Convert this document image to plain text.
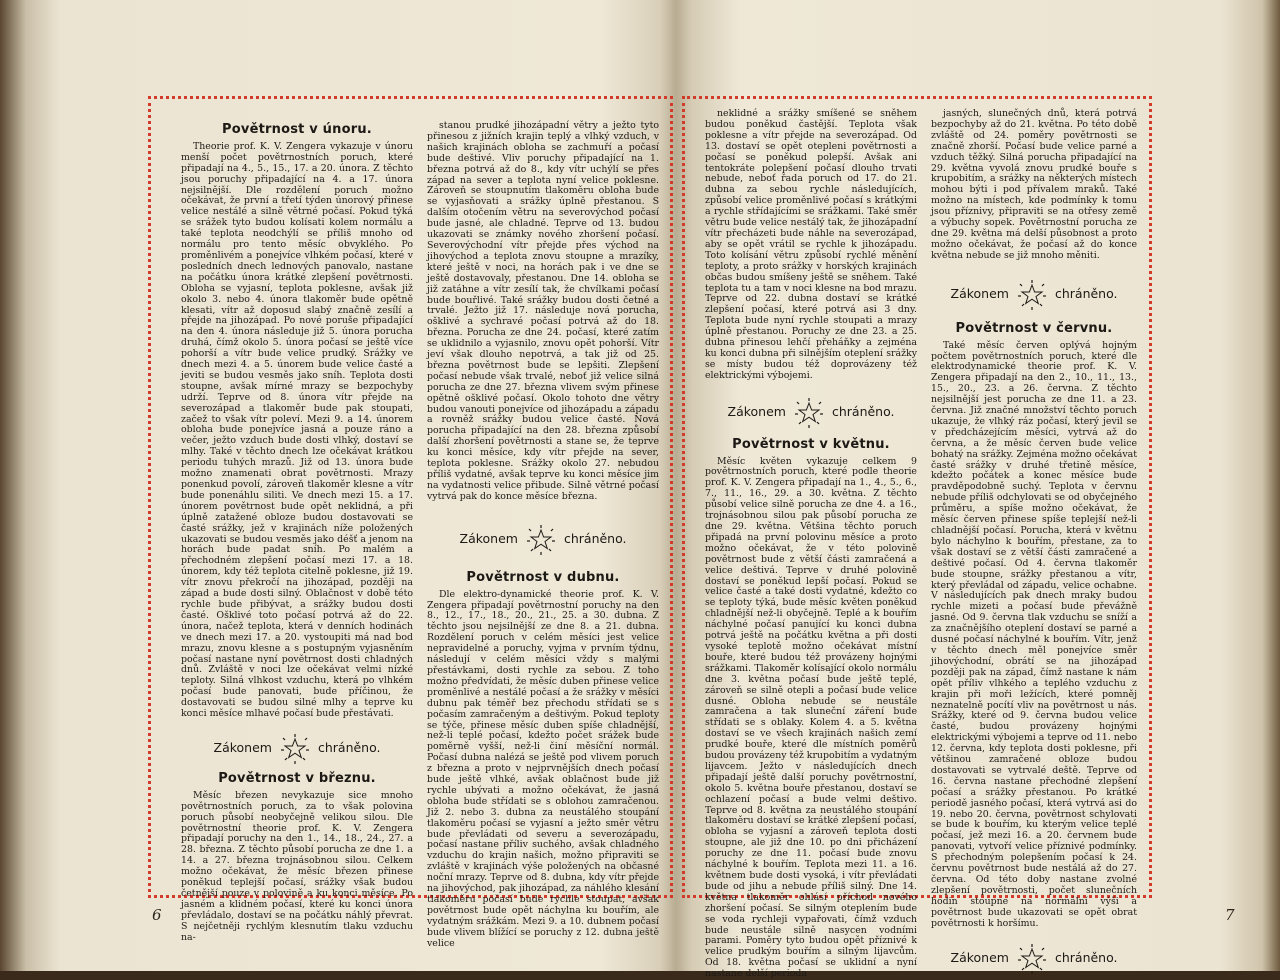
Povětrnost v únoru.

Theorie prof. K. V. Zengera vykazuje v únoru menší počet povětrnostních poruch, které připadají na 4., 5., 15., 17. a 20. února. Z těchto jsou poruchy připadající na 4. a 17. února nejsilnější. Dle rozdělení poruch možno očekávat, že první a třetí týden únorový přinese velice nestálé a silně větrné počasí. Pokud týká se srážek tyto budou kolísati kolem normálu a také teplota neodchýlí se příliš mnoho od normálu pro tento měsíc obvyklého. Po proměnlivém a ponejvíce vlhkém počasí, které v posledních dnech lednových panovalo, nastane na počátku února krátké zlepšení povětrnosti. Obloha se vyjasní, teplota poklesne, avšak již okolo 3. nebo 4. února tlakoměr bude opětně klesati, vítr až doposud slabý značně zesílí a přejde na jihozápad. Po nové poruše připadající na den 4. února následuje již 5. února porucha druhá, čímž okolo 5. února počasí se ještě více pohorší a vítr bude velice prudký. Srážky ve dnech mezi 4. a 5. únorem bude velice časté a jeviti se budou vesměs jako sníh. Teplota dosti stoupne, avšak mírné mrazy se bezpochyby udrží. Teprve od 8. února vítr přejde na severozápad a tlakoměr bude pak stoupati, začež to však vítr poleví. Mezi 9. a 14. únorem obloha bude ponejvíce jasná a pouze ráno a večer, ježto vzduch bude dosti vlhký, dostaví se mlhy. Také v těchto dnech lze očekávat krátkou periodu tuhých mrazů. Již od 13. února bude možno znamenati obrat povětrnosti. Mrazy ponenkud povolí, zároveň tlakoměr klesne a vítr bude ponenáhlu siliti. Ve dnech mezi 15. a 17. únorem povětrnost bude opět neklidná, a při úplně zatažené obloze budou dostavovati se časté srážky, jež v krajinách níže položených ukazovati se budou vesměs jako déšť a jenom na horách bude padat sníh. Po malém a přechodném zlepšení počasí mezi 17. a 18. únorem, kdy též teplota citelně poklesne, již 19. vítr znovu překročí na jihozápad, později na západ a bude dosti silný. Oblačnost v době této rychle bude přibývat, a srážky budou dosti časté. Ošklivé toto počasí potrvá až do 22. února, načež teplota, která v denních hodinách ve dnech mezi 17. a 20. vystoupiti má nad bod mrazu, znovu klesne a s postupným vyjasněním počasí nastane nyní povětrnost dosti chladných dnů. Zvláště v noci lze očekávat velmi nízké teploty. Silná vlhkost vzduchu, která po vlhkém počasí bude panovati, bude příčinou, že dostavovati se budou silné mlhy a teprve ku konci měsíce mlhavé počasí bude přestávati.

Zákonem	chráněno.
Povětrnost v březnu.

Měsíc březen nevykazuje sice mnoho povětrnostních poruch, za to však polovina poruch působí neobyčejně velikou silou. Dle povětrnostní theorie prof. K. V. Zengera připadají poruchy na den 1., 14., 18., 24., 27. a 28. března. Z těchto působí porucha ze dne 1. a 14. a 27. března trojnásobnou silou. Celkem možno očekávat, že měsíc březen přinese poněkud teplejší počasí, srážky však budou četnější pouze v polovině a ku konci měsíce. Po jasném a klidném počasí, které ku konci února převládalo, dostaví se na počátku náhlý převrat. S nejčetněji rychlým klesnutím tlaku vzduchu na-

stanou prudké jihozápadní větry a ježto tyto přinesou z jižních krajin teplý a vlhký vzduch, v našich krajinách obloha se zachmuří a počasí bude deštivé. Vliv poruchy připadající na 1. března potrvá až do 8., kdy vítr uchýlí se přes západ na sever a teplota nyní velice poklesne. Zároveň se stoupnutím tlakoměru obloha bude se vyjasňovati a srážky úplně přestanou. S dalším otočením větru na severovýchod počasí bude jasné, ale chladné. Teprve od 13. budou ukazovati se známky nového zhoršení počasí. Severovýchodní vítr přejde přes východ na jihovýchod a teplota znovu stoupne a mrazíky, které ještě v noci, na horách pak i ve dne se ještě dostavovaly, přestanou. Dne 14. obloha se již zatáhne a vítr zesílí tak, že chvílkami počasí bude bouřlivé. Také srážky budou dosti četné a trvalé. Ježto již 17. následuje nová porucha, ošklivé a sychravé počasí potrvá až do 18. března. Porucha ze dne 24. počasí, které zatím se uklidnilo a vyjasnilo, znovu opět pohorší. Vítr jeví však dlouho nepotrvá, a tak již od 25. března povětrnost bude se lepšiti. Zlepšení počasí nebude však trvalé, neboť již velice silná porucha ze dne 27. března vlivem svým přinese opětně ošklivé počasí. Okolo tohoto dne větry budou vanouti ponejvíce od jihozápadu a západu a rovněž srážky budou velice časté. Nová porucha připadající na den 28. března způsobí další zhoršení povětrnosti a stane se, že teprve ku konci měsíce, kdy vítr přejde na sever, teplota poklesne. Srážky okolo 27. nebudou příliš vydatné, avšak teprve ku konci měsíce jim na vydatnosti velice přibude. Silně větrné počasí vytrvá pak do konce měsíce března.

Zákonem	chráněno.
Povětrnost v dubnu.

Dle elektro-dynamické theorie prof. K. V. Zengera připadají povětrnostní poruchy na den 8., 12., 17., 18., 20., 21., 25. a 30. dubna. Z těchto jsou nejsilnější ze dne 8. a 21. dubna. Rozdělení poruch v celém měsíci jest velice nepravidelné a poruchy, vyjma v prvním týdnu, následují v celém měsíci vždy s malými přestávkami, dosti rychle za sebou. Z toho možno předvídati, že měsíc duben přinese velice proměnlivé a nestálé počasí a že srážky v měsíci dubnu pak téměř bez přechodu střídati se s počasím zamračeným a deštivým. Pokud teploty se týče, přinese měsíc duben spíše chladnější, než-li teplé počasí, kdežto počet srážek bude poměrně vyšší, než-li činí měsíční normál. Počasí dubna nalézá se ještě pod vlivem poruch z března a proto v nejprvnějších dnech počasí bude ještě vlhké, avšak oblačnost bude již rychle ubývati a možno očekávat, že jasná obloha bude střídati se s oblohou zamračenou. Již 2. nebo 3. dubna za neustálého stoupání tlakoměru počasí se vyjasní a ježto směr větru bude převládati od severu a severozápadu, počasí nastane příliv suchého, avšak chladného vzduchu do krajin našich, možno připraviti se zvláště v krajinách výše položených na občasné noční mrazy. Teprve od 8. dubna, kdy vítr přejde na jihovýchod, pak jihozápad, za náhlého klesání tlakoměru počasí bude rychle stoupat, avšak povětrnost bude opět náchylna ku bouřím, ale vydatným srážkám. Mezi 9. a 10. dubnem počasí bude vlivem blížící se poruchy z 12. dubna ještě velice

6

neklidné a srážky smíšené se sněhem budou poněkud častější. Teplota však poklesne a vítr přejde na severozápad. Od 13. dostaví se opět otepleni povětrnosti a počasí se poněkud polepší. Avšak ani tentokráte polepšení počasí dlouho trvati nebude, neboť řada poruch od 17. do 21. dubna za sebou rychle následujících, způsobí velice proměnlivé počasí s krátkými a rychle střídajícími se srážkami. Také směr větru bude velice nestálý tak, že jihozápadní vítr přecházeti bude náhle na severozápad, aby se opět vrátil se rychle k jihozápadu. Toto kolísání větru způsobí rychlé měnění teploty, a proto srážky v horských krajinách občas budou smíšeny ještě se sněhem. Také teplota tu a tam v noci klesne na bod mrazu. Teprve od 22. dubna dostaví se krátké zlepšení počasí, které potrvá asi 3 dny. Teplota bude nyní rychle stoupati a mrazy úplně přestanou. Poruchy ze dne 23. a 25. dubna přinesou lehčí přeháňky a zejména ku konci dubna při silnějším oteplení srážky se místy budou též doprovázeny též elektrickými výbojemi.

Zákonem	chráněno.
Povětrnost v květnu.

Měsíc květen vykazuje celkem 9 povětrnostních poruch, které podle theorie prof. K. V. Zengera připadají na 1., 4., 5., 6., 7., 11., 16., 29. a 30. května. Z těchto působí velice silně porucha ze dne 4. a 16., trojnásobnou silou pak působí porucha ze dne 29. května. Většina těchto poruch připadá na první polovinu měsíce a proto možno očekávat, že v této polovině povětrnost bude z větší části zamračená a velice deštivá. Teprve v druhé polovině dostaví se poněkud lepší počasí. Pokud se velice časté a také dosti vydatné, kdežto co se teploty týká, bude měsíc květen poněkud chladnější než-li obyčejně. Teplé a k bouřím náchylné počasí panující ku konci dubna potrvá ještě na počátku května a při dosti vysoké teplotě možno očekávat místní bouře, které budou též provázeny hojnými srážkami. Tlakoměr kolísající okolo normálu dne 3. května počasí bude ještě teplé, zároveň se silně otepli a počasí bude velice dusné. Obloha nebude se neustále zamračena a tak sluneční záření bude střídati se s oblaky. Kolem 4. a 5. května dostaví se ve všech krajinách našich zemí prudké bouře, které dle místních poměrů budou provázeny též krupobitím a vydatným lijavcem. Ježto v následujících dnech připadají ještě další poruchy povětrnostní, okolo 5. května bouře přestanou, dostaví se ochlazení počasí a bude velmi deštivo. Teprve od 8. května za neustálého stoupání tlakoměru dostaví se krátké zlepšení počasí, obloha se vyjasní a zároveň teplota dosti stoupne, ale již dne 10. po dni přicházení poruchy ze dne 11. počasí bude znovu náchylné k bouřím. Teplota mezi 11. a 16. květnem bude dosti vysoká, i vítr převládati bude od jihu a nebude příliš silný. Dne 14. května tlakoměr ohlásí příchod nového zhoršení počasí. Se silným oteplením bude se voda rychleji vypařovati, čímž vzduch bude neustále silně nasycen vodními parami. Poměry tyto budou opět příznivé k velice prudkým bouřím a silným lijavcům. Od 18. května počasí se uklidní a nyní nastane delší perioda

jasných, slunečných dnů, která potrvá bezpochyby až do 21. května. Po této době zvláště od 24. poměry povětrnosti se značně zhorší. Počasí bude velice parné a vzduch těžký. Silná porucha připadající na 29. května vyvolá znovu prudké bouře s krupobitím, a srážky na některých místech mohou býti i pod přívalem mraků. Také možno na místech, kde podmínky k tomu jsou příznivy, připraviti se na otřesy země a výbuchy sopek. Povětrnostní porucha ze dne 29. května má delší působnost a proto možno očekávat, že počasí až do konce května nebude se již mnoho měniti.

Zákonem	chráněno.
Povětrnost v červnu.

Také měsíc červen oplývá hojným počtem povětrnostních poruch, které dle elektrodynamické theorie prof. K. V. Zengera připadají na den 2., 10., 11., 13., 15., 20., 23. a 26. června. Z těchto nejsilnější jest porucha ze dne 11. a 23. června. Již značné množství těchto poruch ukazuje, že vlhký ráz počasí, který jevil se v předcházejícím měsíci, vytrvá až do června, a že měsíc červen bude velice bohatý na srážky. Zejména možno očekávat časté srážky v druhé třetině měsíce, kdežto počátek a konec měsíce bude pravděpodobně suchý. Teplota v červnu nebude příliš odchylovati se od obyčejného průměru, a spíše možno očekávat, že měsíc červen přinese spíše teplejší než-li chladnější počasí. Porucha, která v květnu bylo náchylno k bouřím, přestane, za to však dostaví se z větší části zamračené a deštivé počasí. Od 4. června tlakoměr bude stoupne, srážky přestanou a vítr, který převládal od západu, velice ochabne. V následujících pak dnech mraky budou rychle mizeti a počasí bude převážně jasné. Od 9. června tlak vzduchu se sníží a za značnějšího oteplení dostaví se parné a dusné počasí náchylné k bouřím. Vítr, jenž v těchto dnech měl ponejvíce směr jihovýchodní, obrátí se na jihozápad později pak na západ, čímž nastane k nám opět příliv vlhkého a teplého vzduchu z krajin při moři ležících, které pomněj neznatelně pocítí vliv na povětrnost u nás. Srážky, které od 9. června budou velice časté, budou provázeny hojnými elektrickými výbojemi a teprve od 11. nebo 12. června, kdy teplota dosti poklesne, při většinou zamračené obloze budou dostavovati se vytrvalé deště. Teprve od 16. června nastane přechodné zlepšení počasí a srážky přestanou. Po krátké periodě jasného počasí, která vytrvá asi do 19. nebo 20. června, povětrnost schylovati se bude k bouřím, ku kterým velice teplé počasí, jež mezi 16. a 20. červnem bude panovati, vytvoří velice příznivé podmínky. S přechodným polepšením počasí k 24. červnu povětrnost bude nestálá až do 27. června. Od této doby nastane zvolné zlepšení povětrnosti, počet slunečních hodin stoupne na normální výši a povětrnost bude ukazovati se opět obrat povětrnosti k horšímu.

Zákonem	chráněno.
7
